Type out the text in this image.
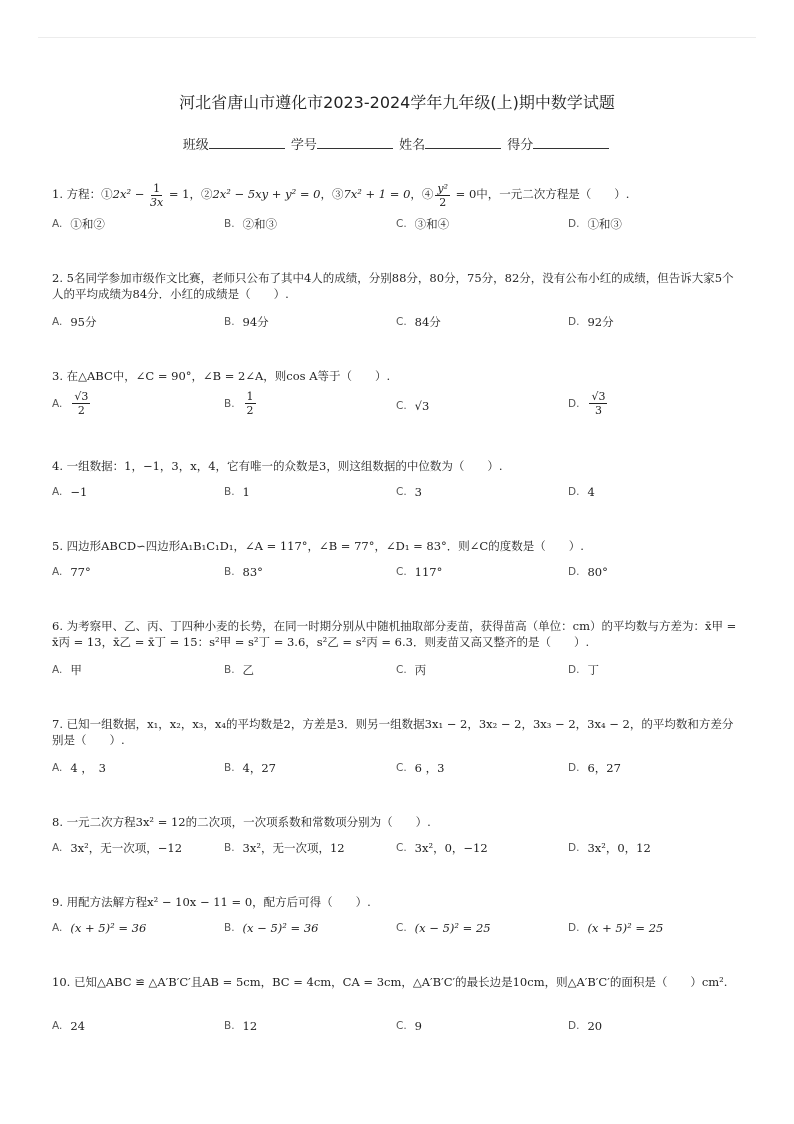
河北省唐山市遵化市2023-2024学年九年级(上)期中数学试题
班级	学号	姓名	得分

1. 方程：①2x² − $\frac{1}{3x} = 1$，②2x² − 5xy + y² = 0，③7x² + 1 = 0，④ $\frac{\text{y²}}{2} = 0$中，一元二次方程是（　　）.

A. ①和②	B. ②和③	C. ③和④	D. ①和③

2. 5名同学参加市级作文比赛，老师只公布了其中4人的成绩，分别88分，80分，75分，82分，没有公布小红的成绩，但告诉大家5个人的平均成绩为84分．小红的成绩是（　　）.

A. 95分	B. 94分	C. 84分	D. 92分

3. 在△ABC中，∠C = 90°，∠B = 2∠A，则cos A等于（　　）.

A. $\frac{√3}{2}$	B. $\frac{1}{2}$	C. √3	D. $\frac{√3}{3}$

4. 一组数据：1，−1，3，x，4，它有唯一的众数是3，则这组数据的中位数为（　　）.

A. −1	B. 1	C. 3	D. 4

5. 四边形ABCD∽四边形A₁B₁C₁D₁，∠A = 117°，∠B = 77°，∠D₁ = 83°．则∠C的度数是（　　）.

A. 77°	B. 83°	C. 117°	D. 80°

6. 为考察甲、乙、丙、丁四种小麦的长势，在同一时期分别从中随机抽取部分麦苗，获得苗高（单位：cm）的平均数与方差为：x̄甲 = x̄丙 = 13，x̄乙 = x̄丁 = 15：s²甲 = s²丁 = 3.6，s²乙 = s²丙 = 6.3．则麦苗又高又整齐的是（　　）.

A. 甲	B. 乙	C. 丙	D. 丁

7. 已知一组数据，x₁，x₂，x₃，x₄的平均数是2，方差是3．则另一组数据3x₁ − 2，3x₂ − 2，3x₃ − 2，3x₄ − 2，的平均数和方差分别是（　　）.

A. 4 ，　3	B. 4，27	C. 6 ，3	D. 6，27

8. 一元二次方程3x² = 12的二次项，一次项系数和常数项分别为（　　）.

A. 3x²，无一次项，−12	B. 3x²，无一次项，12	C. 3x²，0，−12	D. 3x²，0，12

9. 用配方法解方程x² − 10x − 11 = 0，配方后可得（　　）.

A. (x + 5)² = 36	B. (x − 5)² = 36	C. (x − 5)² = 25	D. (x + 5)² = 25

10. 已知△ABC ≌ △A′B′C′且AB = 5cm，BC = 4cm，CA = 3cm，△A′B′C′的最长边是10cm，则△A′B′C′的面积是（　　）cm².

A. 24	B. 12	C. 9	D. 20
